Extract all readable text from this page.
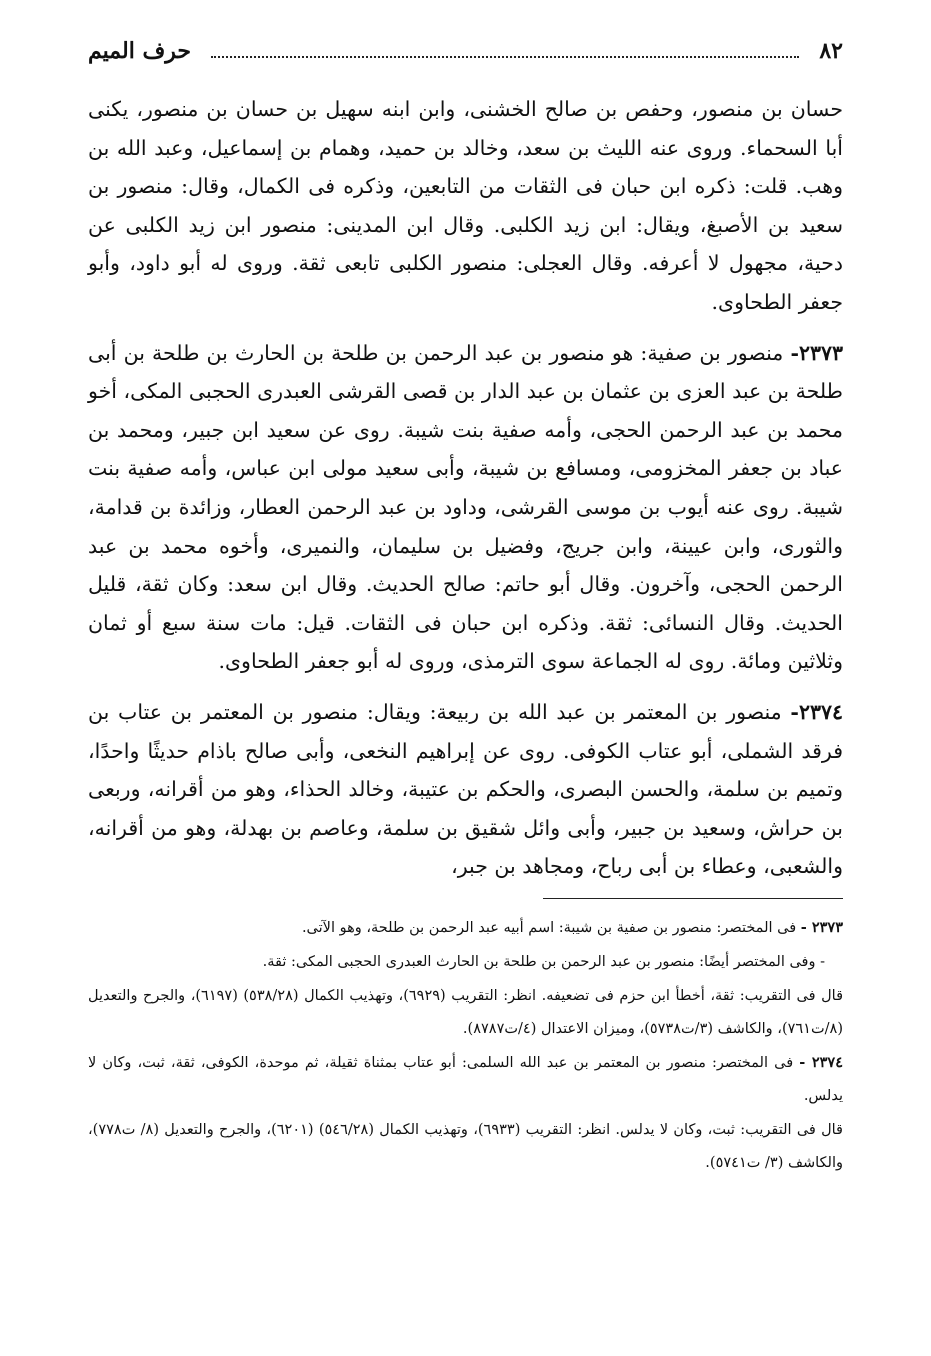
٨٢
حرف الميم

حسان بن منصور، وحفص بن صالح الخشنى، وابن ابنه سهيل بن حسان بن منصور، يكنى أبا السحماء. وروى عنه الليث بن سعد، وخالد بن حميد، وهمام بن إسماعيل، وعبد الله بن وهب. قلت: ذكره ابن حبان فى الثقات من التابعين، وذكره فى الكمال، وقال: منصور بن سعيد بن الأصبغ، ويقال: ابن زيد الكلبى. وقال ابن المدينى: منصور ابن زيد الكلبى عن دحية، مجهول لا أعرفه. وقال العجلى: منصور الكلبى تابعى ثقة. وروى له أبو داود، وأبو جعفر الطحاوى.

٢٣٧٣- منصور بن صفية: هو منصور بن عبد الرحمن بن طلحة بن الحارث بن طلحة بن أبى طلحة بن عبد العزى بن عثمان بن عبد الدار بن قصى القرشى العبدرى الحجبى المكى، أخو محمد بن عبد الرحمن الحجى، وأمه صفية بنت شيبة. روى عن سعيد ابن جبير، ومحمد بن عباد بن جعفر المخزومى، ومسافع بن شيبة، وأبى سعيد مولى ابن عباس، وأمه صفية بنت شيبة. روى عنه أيوب بن موسى القرشى، وداود بن عبد الرحمن العطار، وزائدة بن قدامة، والثورى، وابن عيينة، وابن جريج، وفضيل بن سليمان، والنميرى، وأخوه محمد بن عبد الرحمن الحجى، وآخرون. وقال أبو حاتم: صالح الحديث. وقال ابن سعد: وكان ثقة، قليل الحديث. وقال النسائى: ثقة. وذكره ابن حبان فى الثقات. قيل: مات سنة سبع أو ثمان وثلاثين ومائة. روى له الجماعة سوى الترمذى، وروى له أبو جعفر الطحاوى.

٢٣٧٤- منصور بن المعتمر بن عبد الله بن ربيعة: ويقال: منصور بن المعتمر بن عتاب بن فرقد الشملى، أبو عتاب الكوفى. روى عن إبراهيم النخعى، وأبى صالح باذام حديثًا واحدًا، وتميم بن سلمة، والحسن البصرى، والحكم بن عتيبة، وخالد الحذاء، وهو من أقرانه، وربعى بن حراش، وسعيد بن جبير، وأبى وائل شقيق بن سلمة، وعاصم بن بهدلة، وهو من أقرانه، والشعبى، وعطاء بن أبى رباح، ومجاهد بن جبر،

٢٣٧٣ - فى المختصر: منصور بن صفية بن شيبة: اسم أبيه عبد الرحمن بن طلحة، وهو الآتى.

- وفى المختصر أيضًا: منصور بن عبد الرحمن بن طلحة بن الحارث العبدرى الحجبى المكى: ثقة.

قال فى التقريب: ثقة، أخطأ ابن حزم فى تضعيفه. انظر: التقريب (٦٩٢٩)، وتهذيب الكمال (٥٣٨/٢٨) (٦١٩٧)، والجرح والتعديل (٨/ت٧٦١)، والكاشف (٣/ت٥٧٣٨)، وميزان الاعتدال (٤/ت٨٧٨٧).

٢٣٧٤ - فى المختصر: منصور بن المعتمر بن عبد الله السلمى: أبو عتاب بمثناة ثقيلة، ثم موحدة، الكوفى، ثقة، ثبت، وكان لا يدلس.

قال فى التقريب: ثبت، وكان لا يدلس. انظر: التقريب (٦٩٣٣)، وتهذيب الكمال (٥٤٦/٢٨) (٦٢٠١)، والجرح والتعديل (٨/ ت٧٧٨)، والكاشف (٣/ ت٥٧٤١).
